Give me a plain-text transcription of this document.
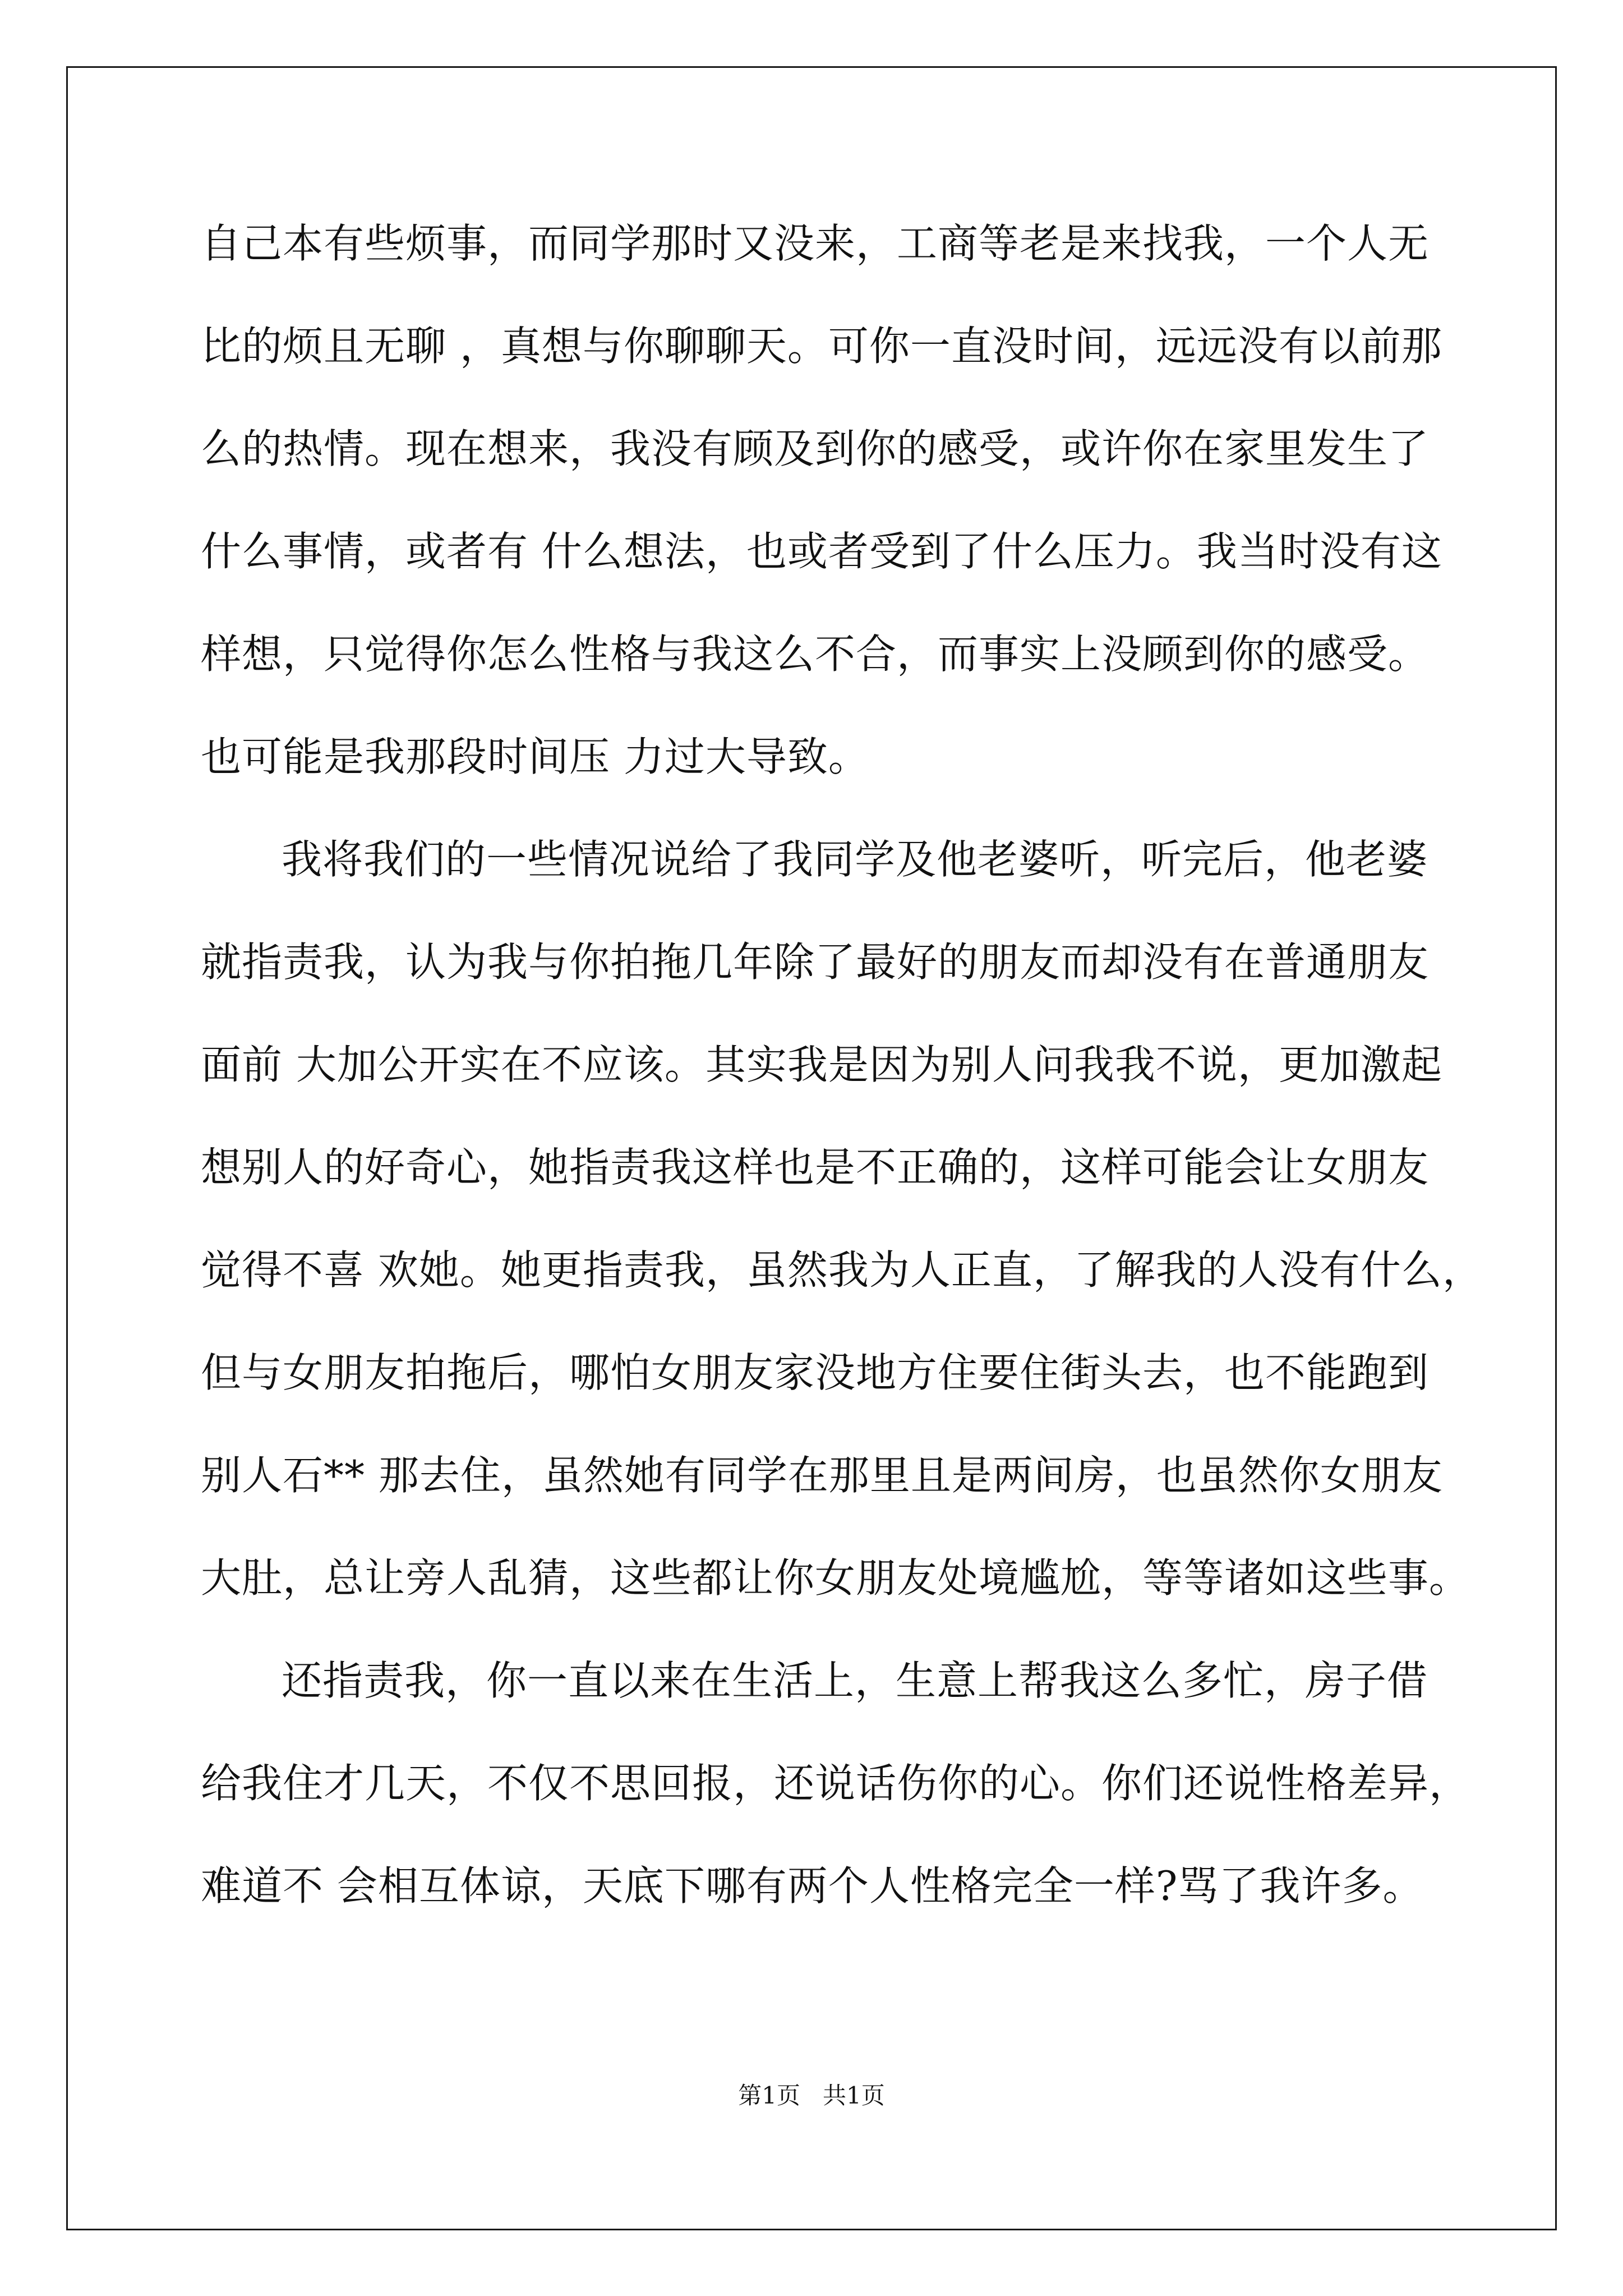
自己本有些烦事，而同学那时又没来，工商等老是来找我，一个人无
比的烦且无聊 ，真想与你聊聊天。可你一直没时间，远远没有以前那
么的热情。现在想来，我没有顾及到你的感受，或许你在家里发生了
什么事情，或者有 什么想法，也或者受到了什么压力。我当时没有这
样想，只觉得你怎么性格与我这么不合，而事实上没顾到你的感受。
也可能是我那段时间压 力过大导致。
我将我们的一些情况说给了我同学及他老婆听，听完后，他老婆
就指责我，认为我与你拍拖几年除了最好的朋友而却没有在普通朋友
面前 大加公开实在不应该。其实我是因为别人问我我不说，更加激起
想别人的好奇心，她指责我这样也是不正确的，这样可能会让女朋友
觉得不喜 欢她。她更指责我，虽然我为人正直，了解我的人没有什么，
但与女朋友拍拖后，哪怕女朋友家没地方住要住街头去，也不能跑到
别人石** 那去住，虽然她有同学在那里且是两间房，也虽然你女朋友
大肚，总让旁人乱猜，这些都让你女朋友处境尴尬，等等诸如这些事。
还指责我，你一直以来在生活上，生意上帮我这么多忙，房子借
给我住才几天，不仅不思回报，还说话伤你的心。你们还说性格差异，
难道不 会相互体谅，天底下哪有两个人性格完全一样?骂了我许多。
第1页   共1页
